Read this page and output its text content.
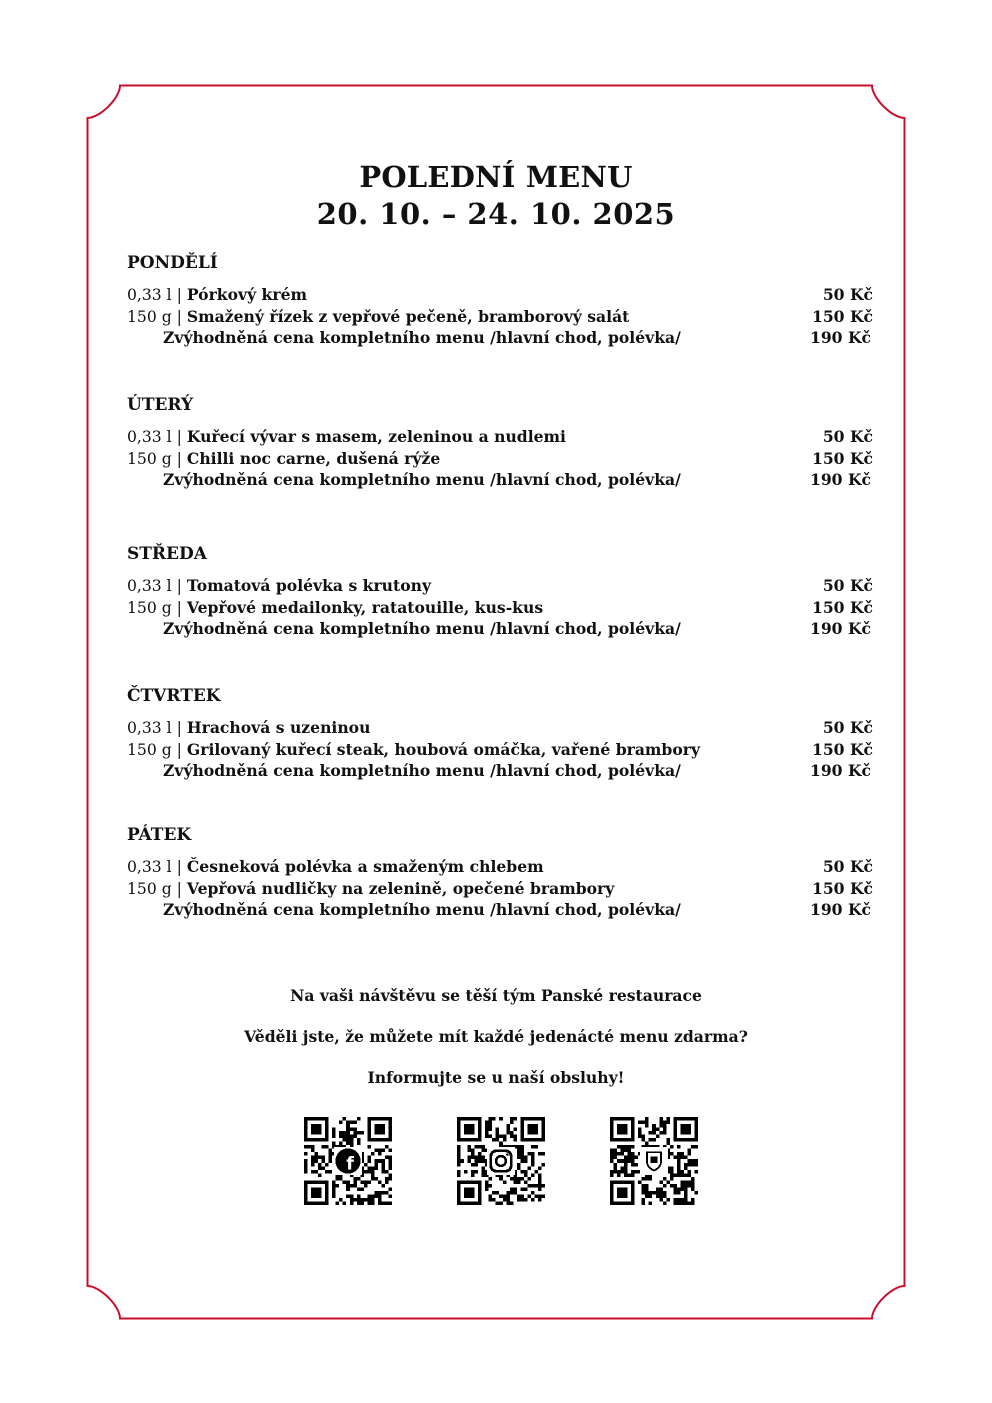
POLEDNÍ MENU
20. 10. – 24. 10. 2025
PONDĚLÍ
0,33 l | Pórkový krém	50 Kč
150 g | Smažený řízek z vepřové pečeně, bramborový salát	150 Kč
Zvýhodněná cena kompletního menu /hlavní chod, polévka/	190 Kč
ÚTERÝ
0,33 l | Kuřecí vývar s masem, zeleninou a nudlemi	50 Kč
150 g | Chilli noc carne, dušená rýže	150 Kč
Zvýhodněná cena kompletního menu /hlavní chod, polévka/	190 Kč
STŘEDA
0,33 l | Tomatová polévka s krutony	50 Kč
150 g | Vepřové medailonky, ratatouille, kus-kus	150 Kč
Zvýhodněná cena kompletního menu /hlavní chod, polévka/	190 Kč
ČTVRTEK
0,33 l | Hrachová s uzeninou	50 Kč
150 g | Grilovaný kuřecí steak, houbová omáčka, vařené brambory	150 Kč
Zvýhodněná cena kompletního menu /hlavní chod, polévka/	190 Kč
PÁTEK
0,33 l | Česneková polévka a smaženým chlebem	50 Kč
150 g | Vepřová nudličky na zelenině, opečené brambory	150 Kč
Zvýhodněná cena kompletního menu /hlavní chod, polévka/	190 Kč
Na vaši návštěvu se těší tým Panské restaurace
Věděli jste, že můžete mít každé jedenácté menu zdarma?
Informujte se u naší obsluhy!
f
